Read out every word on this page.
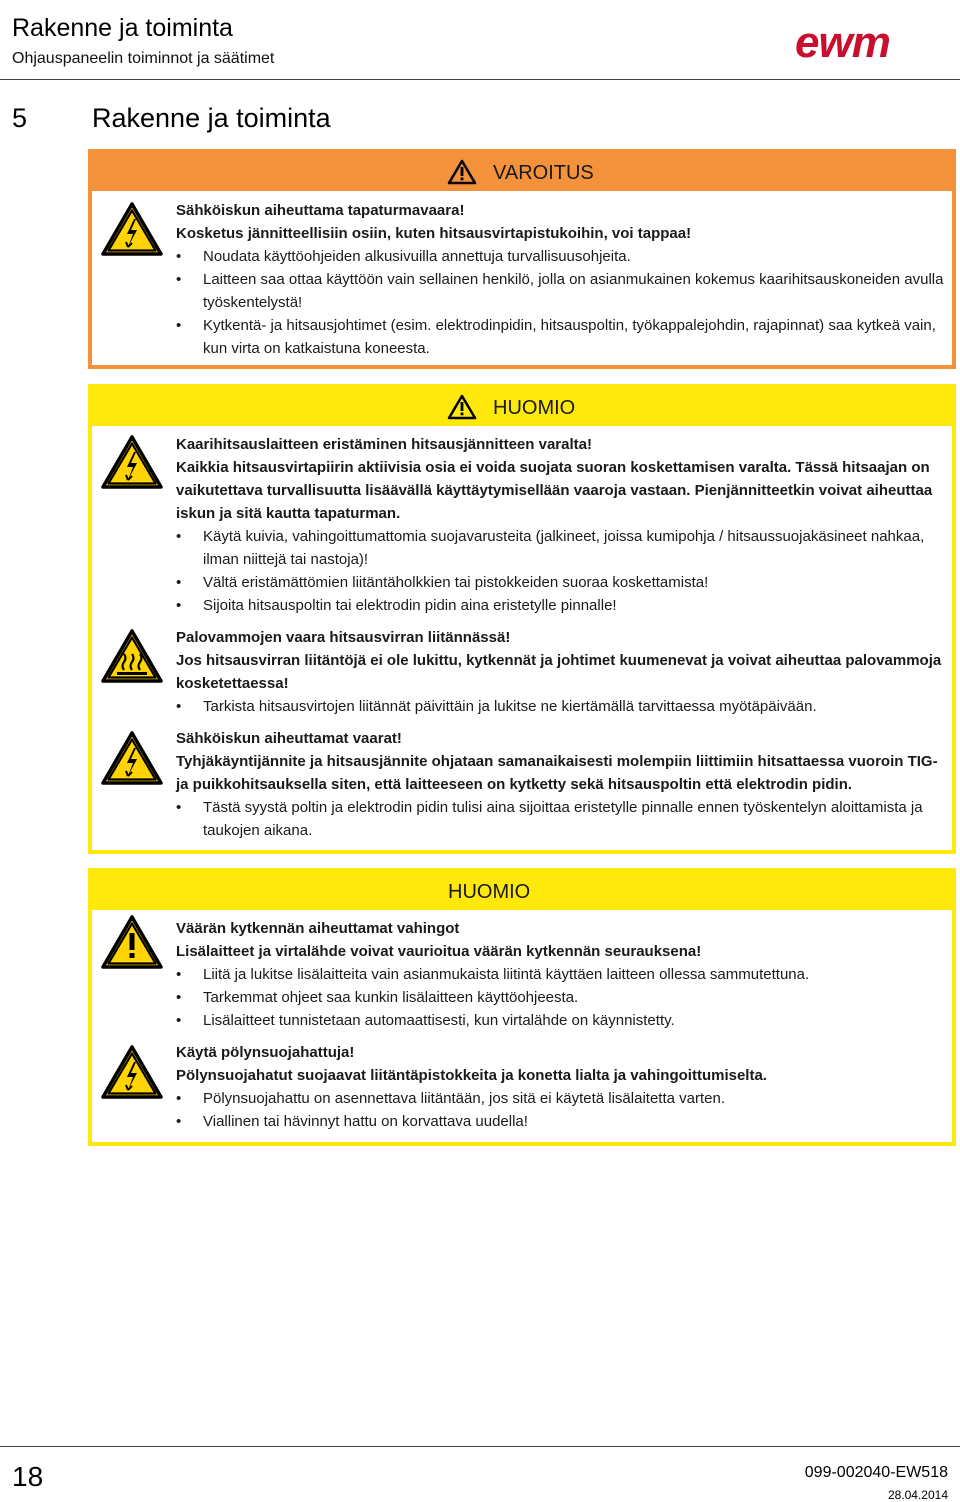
Rakenne ja toiminta
Ohjauspaneelin toiminnot ja säätimet	ewm
5 Rakenne ja toiminta
VAROITUS
Sähköiskun aiheuttama tapaturmavaara!
Kosketus jännitteellisiin osiin, kuten hitsausvirtapistukoihin, voi tappaa!
• Noudata käyttöohjeiden alkusivuilla annettuja turvallisuusohjeita.
• Laitteen saa ottaa käyttöön vain sellainen henkilö, jolla on asianmukainen kokemus kaarihitsauskoneiden avulla työskentelystä!
• Kytkentä- ja hitsausjohtimet (esim. elektrodinpidin, hitsauspoltin, työkappalejohdin, rajapinnat) saa kytkeä vain, kun virta on katkaistuna koneesta.
HUOMIO
Kaarihitsauslaitteen eristäminen hitsausjännitteen varalta!
Kaikkia hitsausvirtapiirin aktiivisia osia ei voida suojata suoran koskettamisen varalta. Tässä hitsaajan on vaikutettava turvallisuutta lisäävällä käyttäytymisellään vaaroja vastaan. Pienjännitteetkin voivat aiheuttaa iskun ja sitä kautta tapaturman.
• Käytä kuivia, vahingoittumattomia suojavarusteita (jalkineet, joissa kumipohja / hitsaussuojakäsineet nahkaa, ilman niittejä tai nastoja)!
• Vältä eristämättömien liitäntäholkkien tai pistokkeiden suoraa koskettamista!
• Sijoita hitsauspoltin tai elektrodin pidin aina eristetylle pinnalle!
Palovammojen vaara hitsausvirran liitännässä!
Jos hitsausvirran liitäntöjä ei ole lukittu, kytkennät ja johtimet kuumenevat ja voivat aiheuttaa palovammoja kosketettaessa!
• Tarkista hitsausvirtojen liitännät päivittäin ja lukitse ne kiertämällä tarvittaessa myötäpäivään.
Sähköiskun aiheuttamat vaarat!
Tyhjäkäyntijännite ja hitsausjännite ohjataan samanaikaisesti molempiin liittimiin hitsattaessa vuoroin TIG- ja puikkohitsauksella siten, että laitteeseen on kytketty sekä hitsauspoltin että elektrodin pidin.
• Tästä syystä poltin ja elektrodin pidin tulisi aina sijoittaa eristetylle pinnalle ennen työskentelyn aloittamista ja taukojen aikana.
HUOMIO
Väärän kytkennän aiheuttamat vahingot
Lisälaitteet ja virtalähde voivat vaurioitua väärän kytkennän seurauksena!
• Liitä ja lukitse lisälaitteita vain asianmukaista liitintä käyttäen laitteen ollessa sammutettuna.
• Tarkemmat ohjeet saa kunkin lisälaitteen käyttöohjeesta.
• Lisälaitteet tunnistetaan automaattisesti, kun virtalähde on käynnistetty.
Käytä pölynsuojahattuja!
Pölynsuojahatut suojaavat liitäntäpistokkeita ja konetta lialta ja vahingoittumiselta.
• Pölynsuojahattu on asennettava liitäntään, jos sitä ei käytetä lisälaitetta varten.
• Viallinen tai hävinnyt hattu on korvattava uudella!
18	099-002040-EW518
28.04.2014
